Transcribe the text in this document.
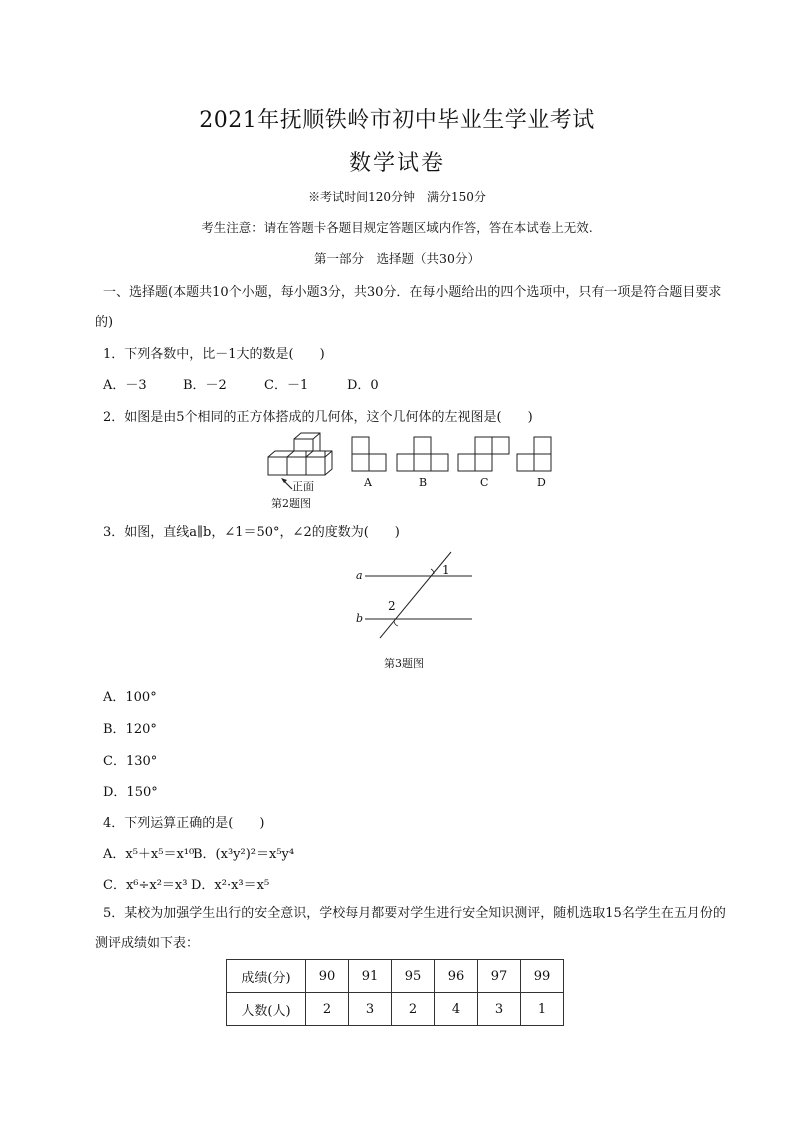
2021年抚顺铁岭市初中毕业生学业考试
数学试卷
※考试时间120分钟　满分150分
考生注意：请在答题卡各题目规定答题区域内作答，答在本试卷上无效.
第一部分　选择题（共30分）
一、选择题(本题共10个小题，每小题3分，共30分．在每小题给出的四个选项中，只有一项是符合题目要求的)
1．下列各数中，比－1大的数是(　　)
A．－3	B．－2	C．－1	D．0
2．如图是由5个相同的正方体搭成的几何体，这个几何体的左视图是(　　)
正面
第2题图
A	B	C	D
3．如图，直线a∥b，∠1＝50°，∠2的度数为(　　)
a
b
1
2
第3题图
A．100°
B．120°
C．130°
D．150°
4．下列运算正确的是(　　)
A．x⁵＋x⁵＝x¹⁰
B．(x³y²)²＝x⁵y⁴
C．x⁶÷x²＝x³ D．x²·x³＝x⁵
5．某校为加强学生出行的安全意识，学校每月都要对学生进行安全知识测评，随机选取15名学生在五月份的测评成绩如下表：
成绩(分)	90	91	95	96	97	99
人数(人)	2	3	2	4	3	1
